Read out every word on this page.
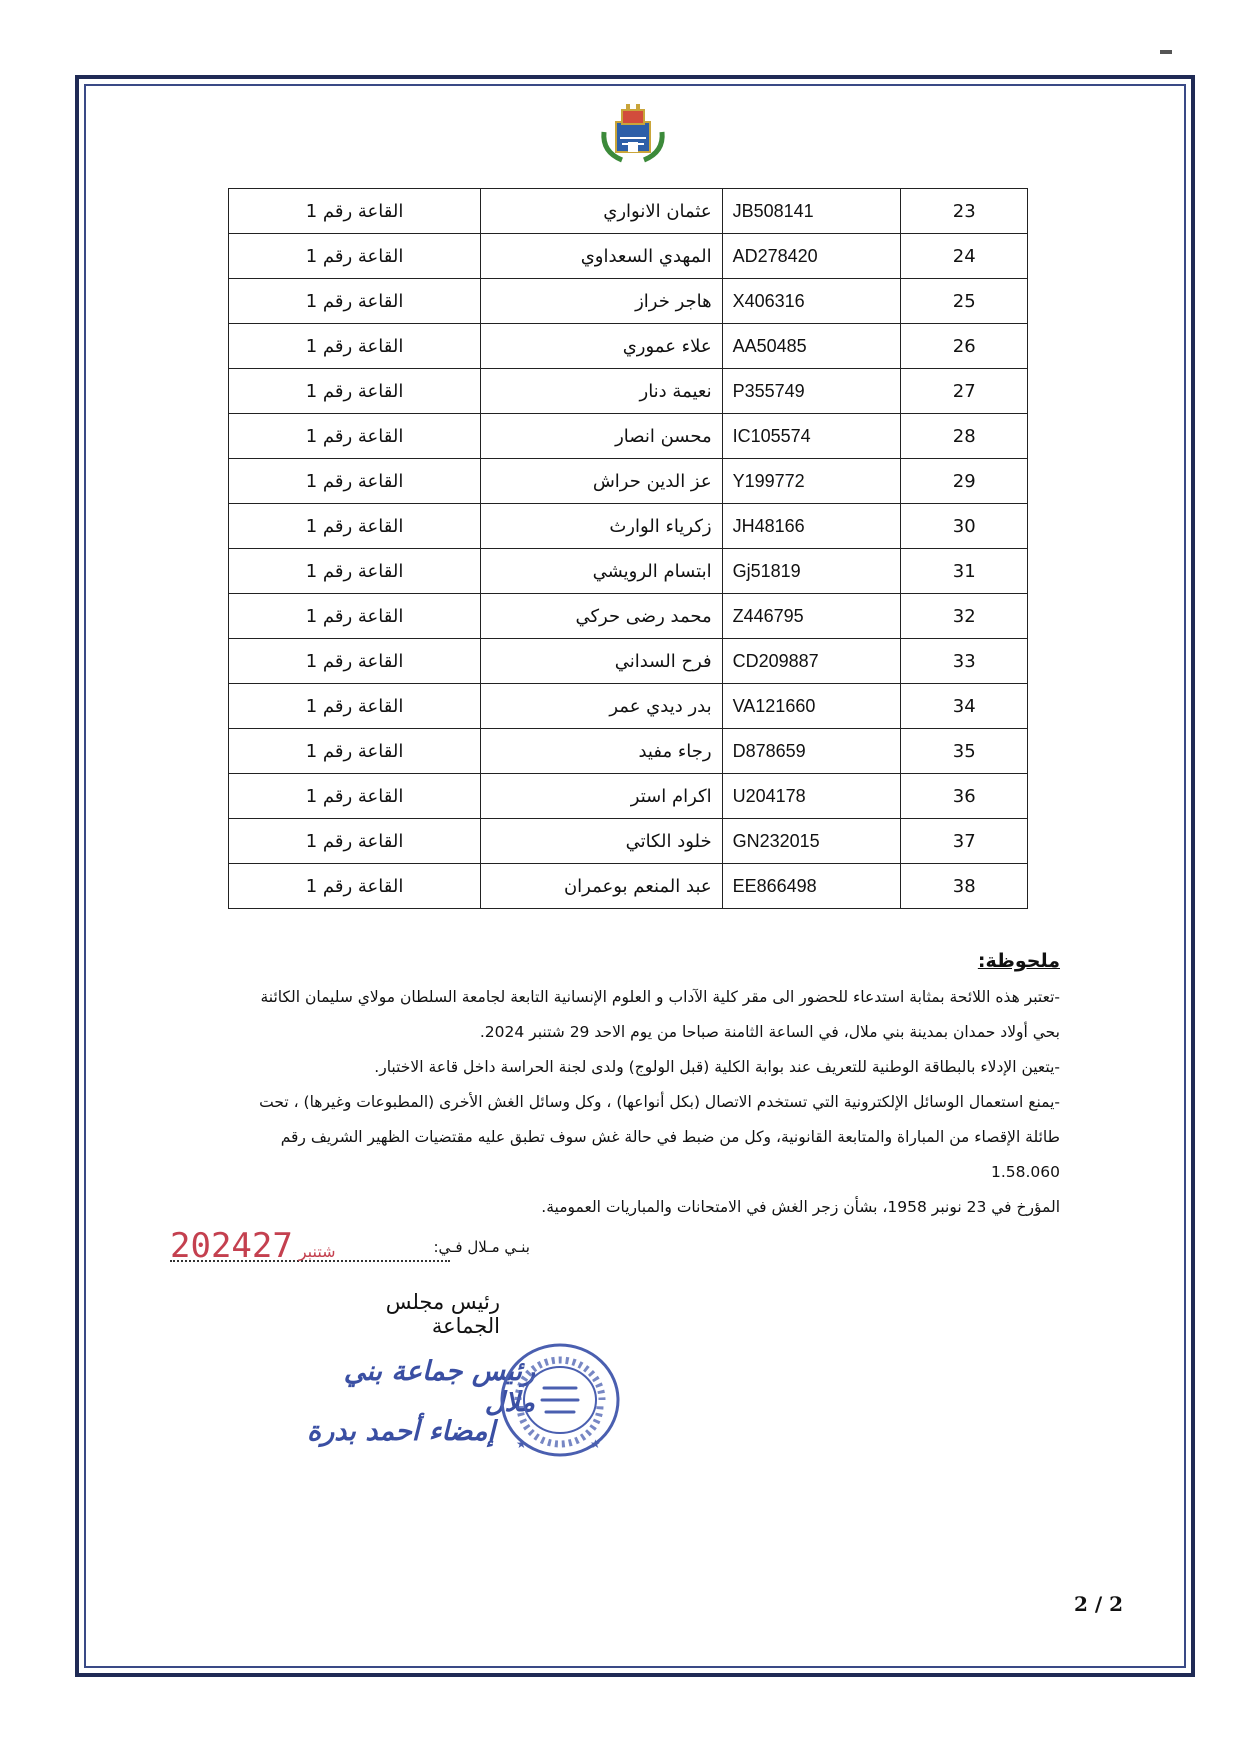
القاعة رقم 1	عثمان الانواري	JB508141	23
القاعة رقم 1	المهدي السعداوي	AD278420	24
القاعة رقم 1	هاجر خراز	X406316	25
القاعة رقم 1	علاء عموري	AA50485	26
القاعة رقم 1	نعيمة دنار	P355749	27
القاعة رقم 1	محسن انصار	IC105574	28
القاعة رقم 1	عز الدين حراش	Y199772	29
القاعة رقم 1	زكرياء الوارث	JH48166	30
القاعة رقم 1	ابتسام الرويشي	Gj51819	31
القاعة رقم 1	محمد رضى حركي	Z446795	32
القاعة رقم 1	فرح السداني	CD209887	33
القاعة رقم 1	بدر ديدي عمر	VA121660	34
القاعة رقم 1	رجاء مفيد	D878659	35
القاعة رقم 1	اكرام استر	U204178	36
القاعة رقم 1	خلود الكاتي	GN232015	37
القاعة رقم 1	عبد المنعم بوعمران	EE866498	38
ملحوظة:

-تعتبر هذه اللائحة بمثابة استدعاء للحضور الى مقر كلية الآداب و العلوم الإنسانية التابعة لجامعة السلطان مولاي سليمان الكائنة

بحي أولاد حمدان بمدينة بني ملال، في الساعة الثامنة صباحا من يوم الاحد 29 شتنبر 2024.

-يتعين الإدلاء بالبطاقة الوطنية للتعريف عند بوابة الكلية (قبل الولوج) ولدى لجنة الحراسة داخل قاعة الاختبار.

-يمنع استعمال الوسائل الإلكترونية التي تستخدم الاتصال (بكل أنواعها) ، وكل وسائل الغش الأخرى (المطبوعات وغيرها) ، تحت

طائلة الإقصاء من المباراة والمتابعة القانونية، وكل من ضبط في حالة غش سوف تطبق عليه مقتضيات الظهير الشريف رقم 1.58.060

المؤرخ في 23 نونبر 1958، بشأن زجر الغش في الامتحانات والمباريات العمومية.

بنـي مـلال فـي:
2024	شتنبر27
رئيس مجلس الجماعة
رئيس جماعة بني ملال
إمضاء أحمد بدرة	★
★
2 / 2
